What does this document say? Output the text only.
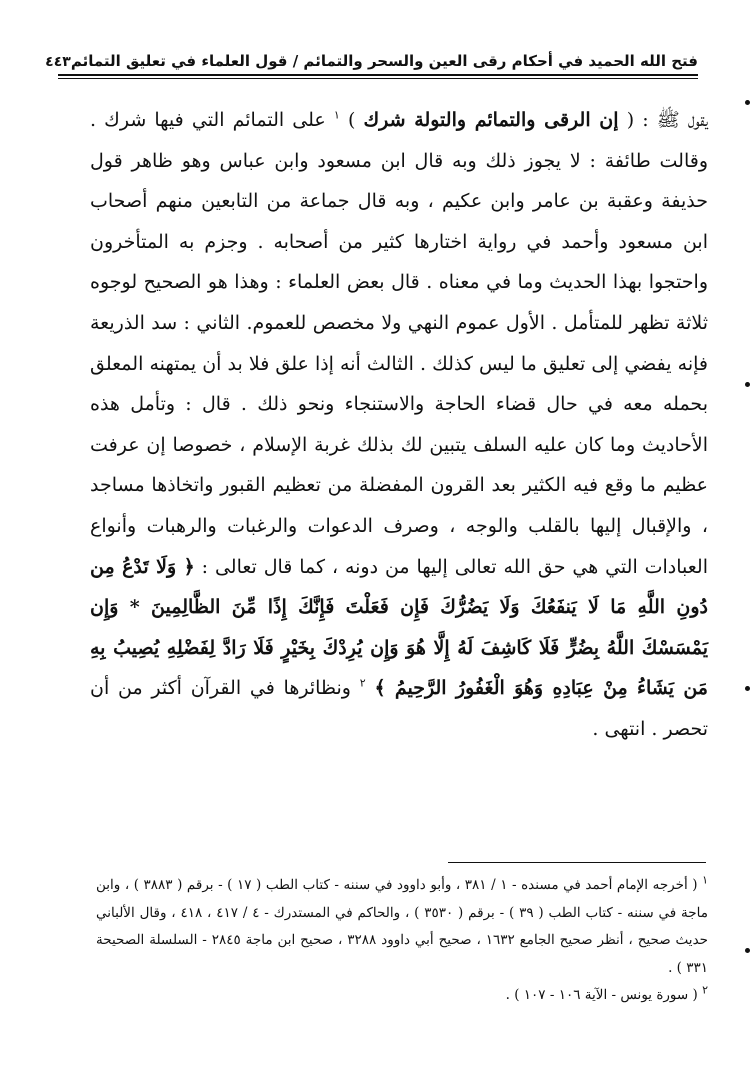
فتح الله الحميد في أحكام رقى العين والسحر والتمائم / قول العلماء في تعليق التمائم
٤٤٣

يقول ﷺ : ( إن الرقى والتمائم والتولة شرك ) $^١$ على التمائم التي فيها شرك . وقالت طائفة : لا يجوز ذلك وبه قال ابن مسعود وابن عباس وهو ظاهر قول حذيفة وعقبة بن عامر وابن عكيم ، وبه قال جماعة من التابعين منهم أصحاب ابن مسعود وأحمد في رواية اختارها كثير من أصحابه . وجزم به المتأخرون واحتجوا بهذا الحديث وما في معناه . قال بعض العلماء : وهذا هو الصحيح لوجوه ثلاثة تظهر للمتأمل . الأول عموم النهي ولا مخصص للعموم. الثاني : سد الذريعة فإنه يفضي إلى تعليق ما ليس كذلك . الثالث أنه إذا علق فلا بد أن يمتهنه المعلق بحمله معه في حال قضاء الحاجة والاستنجاء ونحو ذلك . قال : وتأمل هذه الأحاديث وما كان عليه السلف يتبين لك بذلك غربة الإسلام ، خصوصا إن عرفت عظيم ما وقع فيه الكثير بعد القرون المفضلة من تعظيم القبور واتخاذها مساجد ، والإقبال إليها بالقلب والوجه ، وصرف الدعوات والرغبات والرهبات وأنواع العبادات التي هي حق الله تعالى إليها من دونه ، كما قال تعالى : ﴿ وَلَا تَدْعُ مِن دُونِ اللَّهِ مَا لَا يَنفَعُكَ وَلَا يَضُرُّكَ فَإِن فَعَلْتَ فَإِنَّكَ إِذًا مِّنَ الظَّالِمِينَ * وَإِن يَمْسَسْكَ اللَّهُ بِضُرٍّ فَلَا كَاشِفَ لَهُ إِلَّا هُوَ وَإِن يُرِدْكَ بِخَيْرٍ فَلَا رَادَّ لِفَضْلِهِ يُصِيبُ بِهِ مَن يَشَاءُ مِنْ عِبَادِهِ وَهُوَ الْغَفُورُ الرَّحِيمُ ﴾ $^٢$ ونظائرها في القرآن أكثر من أن تحصر . انتهى .

$^١$ ( أخرجه الإمام أحمد في مسنده - ١ / ٣٨١ ، وأبو داوود في سننه - كتاب الطب ( ١٧ ) - برقم ( ٣٨٨٣ ) ، وابن ماجة في سننه - كتاب الطب ( ٣٩ ) - برقم ( ٣٥٣٠ ) ، والحاكم في المستدرك - ٤ / ٤١٧ ، ٤١٨ ، وقال الألباني حديث صحيح ، أنظر صحيح الجامع ١٦٣٢ ، صحيح أبي داوود ٣٢٨٨ ، صحيح ابن ماجة ٢٨٤٥ - السلسلة الصحيحة ٣٣١ ) .

$^٢$ ( سورة يونس - الآية ١٠٦ - ١٠٧ ) .
